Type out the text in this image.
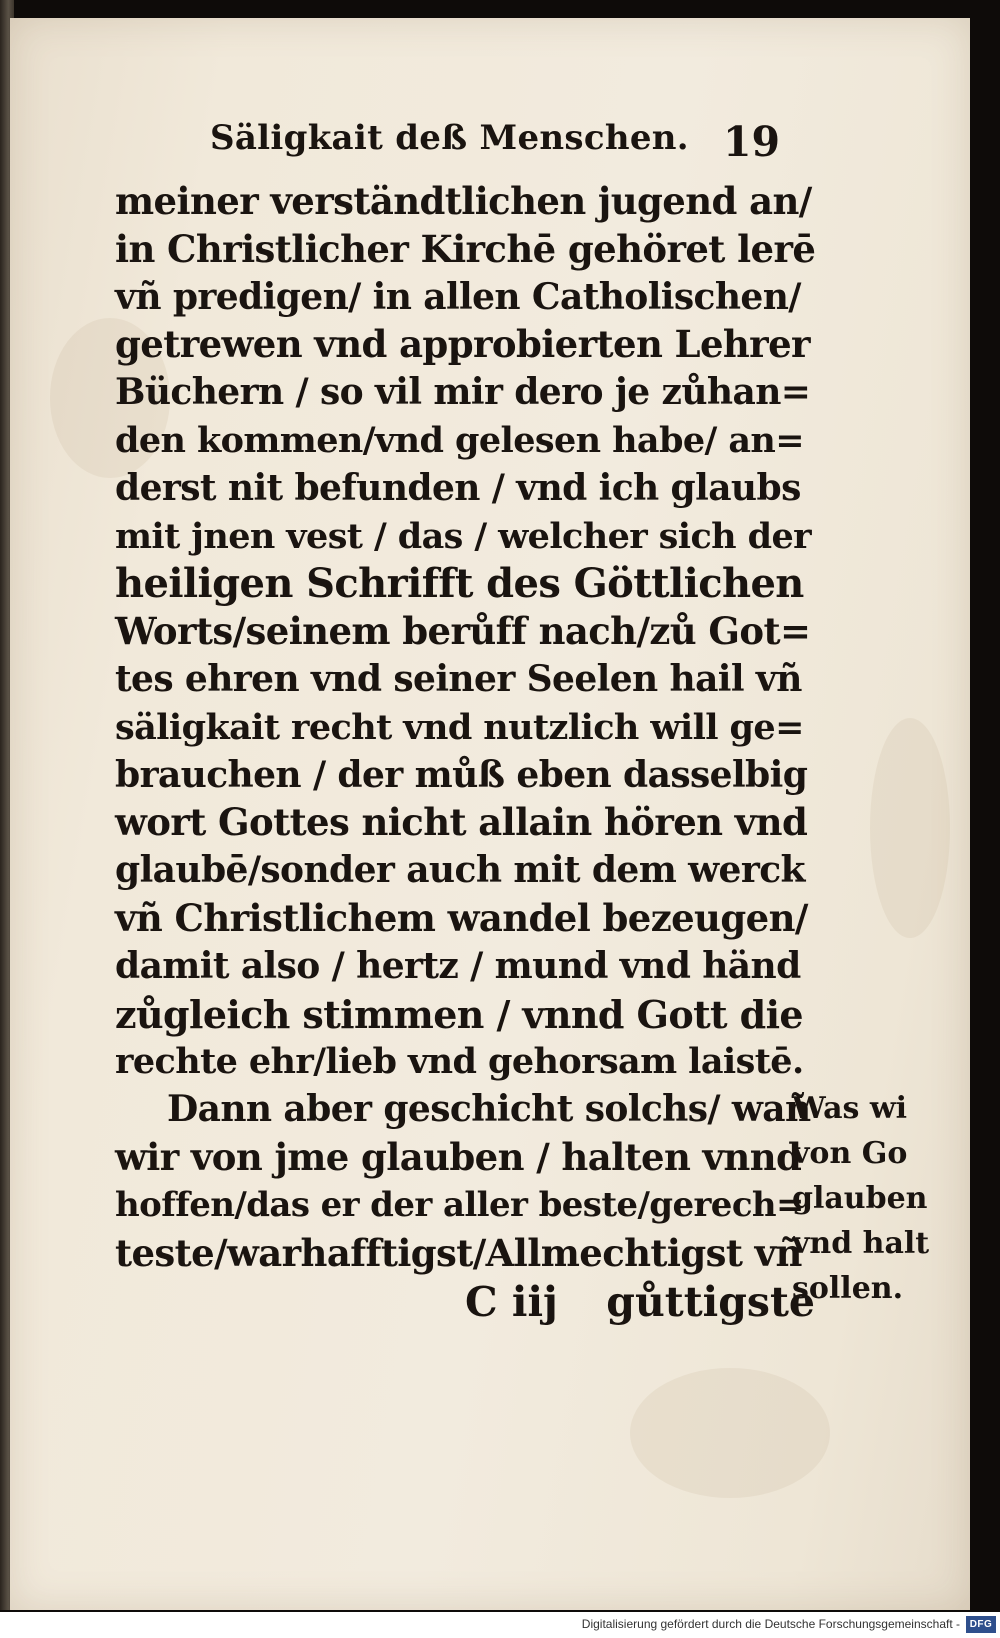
Säligkait deß Menschen. 19
meiner verständtlichen jugend an/
in Christlicher Kirchē gehöret lerē
vñ predigen/ in allen Catholischen/
getrewen vnd approbierten Lehrer
Büchern / so vil mir dero je zůhan=
den kommen/vnd gelesen habe/ an=
derst nit befunden / vnd ich glaubs
mit jnen vest / das / welcher sich der
heiligen Schrifft des Göttlichen
Worts/seinem berůff nach/zů Got=
tes ehren vnd seiner Seelen hail vñ
säligkait recht vnd nutzlich will ge=
brauchen / der můß eben dasselbig
wort Gottes nicht allain hören vnd
glaubē/sonder auch mit dem werck
vñ Christlichem wandel bezeugen/
damit also / hertz / mund vnd händ
zůgleich stimmen / vnnd Gott die
rechte ehr/lieb vnd gehorsam laistē.
Dann aber geschicht solchs/ wañ
wir von jme glauben / halten vnnd
hoffen/das er der aller beste/gerech=
teste/warhafftigst/Allmechtigst vñ
C iij gůttigste
Was wi
von Go
glauben
vnd halt
sollen.
Digitalisierung gefördert durch die Deutsche Forschungsgemeinschaft - DFG
